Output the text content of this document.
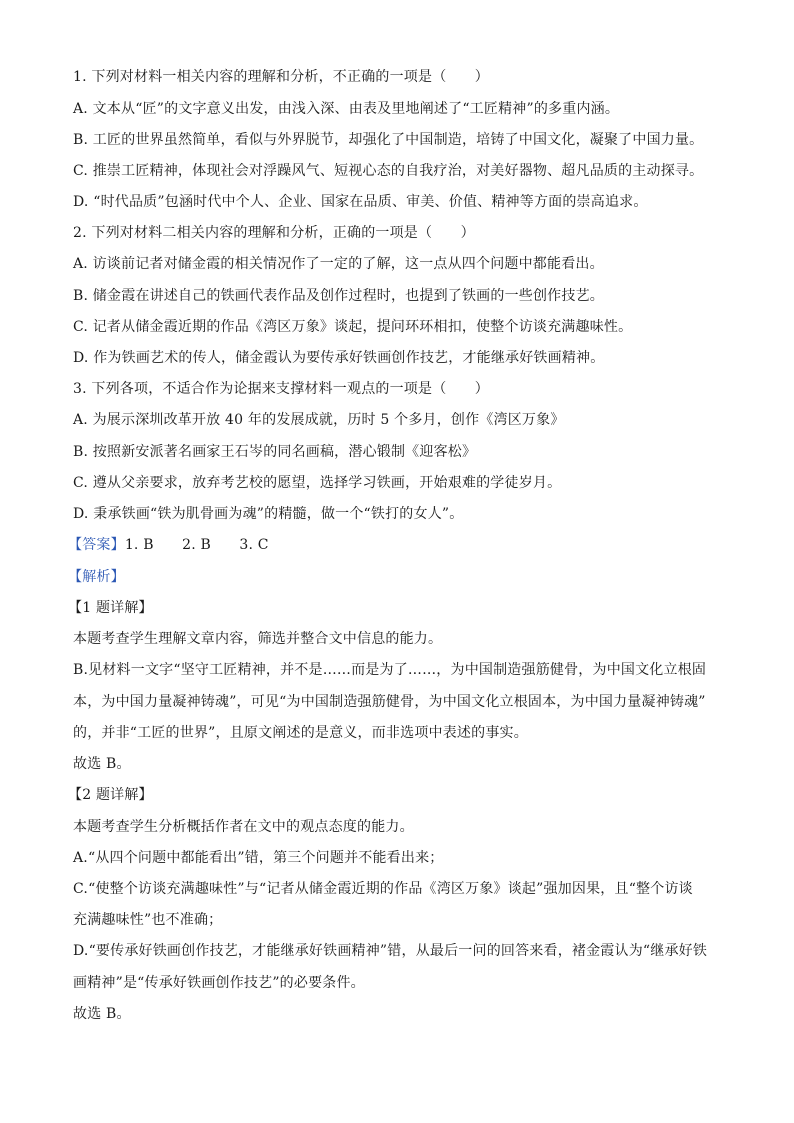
1. 下列对材料一相关内容的理解和分析，不正确的一项是（　　）
A. 文本从“匠”的文字意义出发，由浅入深、由表及里地阐述了“工匠精神”的多重内涵。
B. 工匠的世界虽然简单，看似与外界脱节，却强化了中国制造，培铸了中国文化，凝聚了中国力量。
C. 推崇工匠精神，体现社会对浮躁风气、短视心态的自我疗治，对美好器物、超凡品质的主动探寻。
D. “时代品质”包涵时代中个人、企业、国家在品质、审美、价值、精神等方面的崇高追求。
2. 下列对材料二相关内容的理解和分析，正确的一项是（　　）
A. 访谈前记者对储金霞的相关情况作了一定的了解，这一点从四个问题中都能看出。
B. 储金霞在讲述自己的铁画代表作品及创作过程时，也提到了铁画的一些创作技艺。
C. 记者从储金霞近期的作品《湾区万象》谈起，提问环环相扣，使整个访谈充满趣味性。
D. 作为铁画艺术的传人，储金霞认为要传承好铁画创作技艺，才能继承好铁画精神。
3. 下列各项，不适合作为论据来支撑材料一观点的一项是（　　）
A. 为展示深圳改革开放 40 年的发展成就，历时 5 个多月，创作《湾区万象》
B. 按照新安派著名画家王石岑的同名画稿，潜心锻制《迎客松》
C. 遵从父亲要求，放弃考艺校的愿望，选择学习铁画，开始艰难的学徒岁月。
D. 秉承铁画“铁为肌骨画为魂”的精髓，做一个“铁打的女人”。
【答案】1. B　　2. B　　3. C
【解析】
【1 题详解】
本题考查学生理解文章内容，筛选并整合文中信息的能力。
B.见材料一文字“坚守工匠精神，并不是……而是为了……，为中国制造强筋健骨，为中国文化立根固
本，为中国力量凝神铸魂”，可见“为中国制造强筋健骨，为中国文化立根固本，为中国力量凝神铸魂”
的，并非“工匠的世界”，且原文阐述的是意义，而非选项中表述的事实。
故选 B。
【2 题详解】
本题考查学生分析概括作者在文中的观点态度的能力。
A.“从四个问题中都能看出”错，第三个问题并不能看出来；
C.“使整个访谈充满趣味性”与“记者从储金霞近期的作品《湾区万象》谈起”强加因果，且“整个访谈
充满趣味性”也不准确；
D.“要传承好铁画创作技艺，才能继承好铁画精神”错，从最后一问的回答来看，褚金霞认为“继承好铁
画精神”是“传承好铁画创作技艺”的必要条件。
故选 B。
